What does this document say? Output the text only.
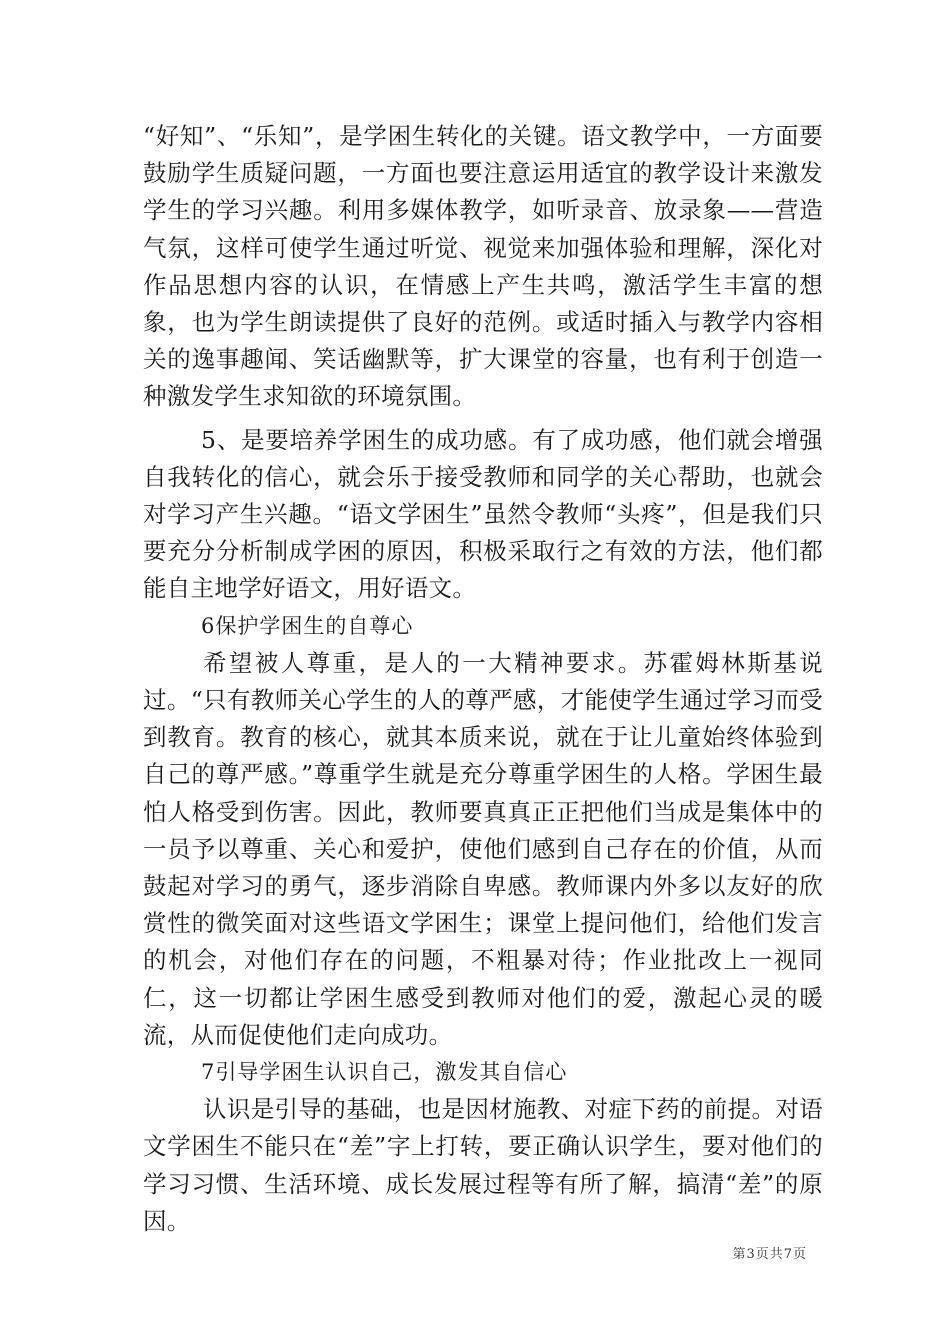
“好知”、“乐知”，是学困生转化的关键。语文教学中，一方面要鼓励学生质疑问题，一方面也要注意运用适宜的教学设计来激发学生的学习兴趣。利用多媒体教学，如听录音、放录象——营造气氛，这样可使学生通过听觉、视觉来加强体验和理解，深化对作品思想内容的认识，在情感上产生共鸣，激活学生丰富的想象，也为学生朗读提供了良好的范例。或适时插入与教学内容相关的逸事趣闻、笑话幽默等，扩大课堂的容量，也有利于创造一种激发学生求知欲的环境氛围。

5、是要培养学困生的成功感。有了成功感，他们就会增强自我转化的信心，就会乐于接受教师和同学的关心帮助，也就会对学习产生兴趣。“语文学困生”虽然令教师“头疼”，但是我们只要充分分析制成学困的原因，积极采取行之有效的方法，他们都能自主地学好语文，用好语文。

6保护学困生的自尊心

希望被人尊重，是人的一大精神要求。苏霍姆林斯基说过。“只有教师关心学生的人的尊严感，才能使学生通过学习而受到教育。教育的核心，就其本质来说，就在于让儿童始终体验到自己的尊严感。”尊重学生就是充分尊重学困生的人格。学困生最怕人格受到伤害。因此，教师要真真正正把他们当成是集体中的一员予以尊重、关心和爱护，使他们感到自己存在的价值，从而鼓起对学习的勇气，逐步消除自卑感。教师课内外多以友好的欣赏性的微笑面对这些语文学困生；课堂上提问他们，给他们发言的机会，对他们存在的问题，不粗暴对待；作业批改上一视同仁，这一切都让学困生感受到教师对他们的爱，激起心灵的暖流，从而促使他们走向成功。

7引导学困生认识自己，激发其自信心

认识是引导的基础，也是因材施教、对症下药的前提。对语文学困生不能只在“差”字上打转，要正确认识学生，要对他们的学习习惯、生活环境、成长发展过程等有所了解，搞清“差”的原因。

第3页共7页
